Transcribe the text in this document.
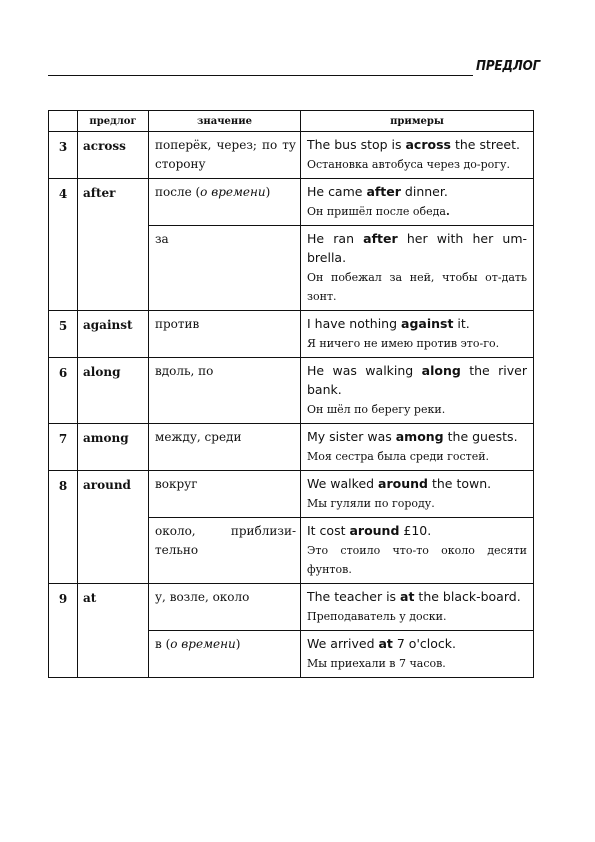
ПРЕДЛОГ
	предлог	значение	примеры
3	across	поперёк, через; по ту сторону	The bus stop is across the street.
Остановка автобуса через до-рогу.

4	after	после (о времени)	He came after dinner.
Он пришёл после обеда.

		за	He ran after her with her um-brella.
Он побежал за ней, чтобы от-дать зонт.

5	against	против	I have nothing against it.
Я ничего не имею против это-го.

6	along	вдоль, по	He was walking along the river bank.
Он шёл по берегу реки.

7	among	между, среди	My sister was among the guests.
Моя сестра была среди гостей.

8	around	вокруг	We walked around the town.
Мы гуляли по городу.

		около, приблизи-тельно	It cost around £10.
Это стоило что-то около десяти фунтов.

9	at	у, возле, около	The teacher is at the black-board.
Преподаватель у доски.

		в (о времени)	We arrived at 7 o'clock.
Мы приехали в 7 часов.
